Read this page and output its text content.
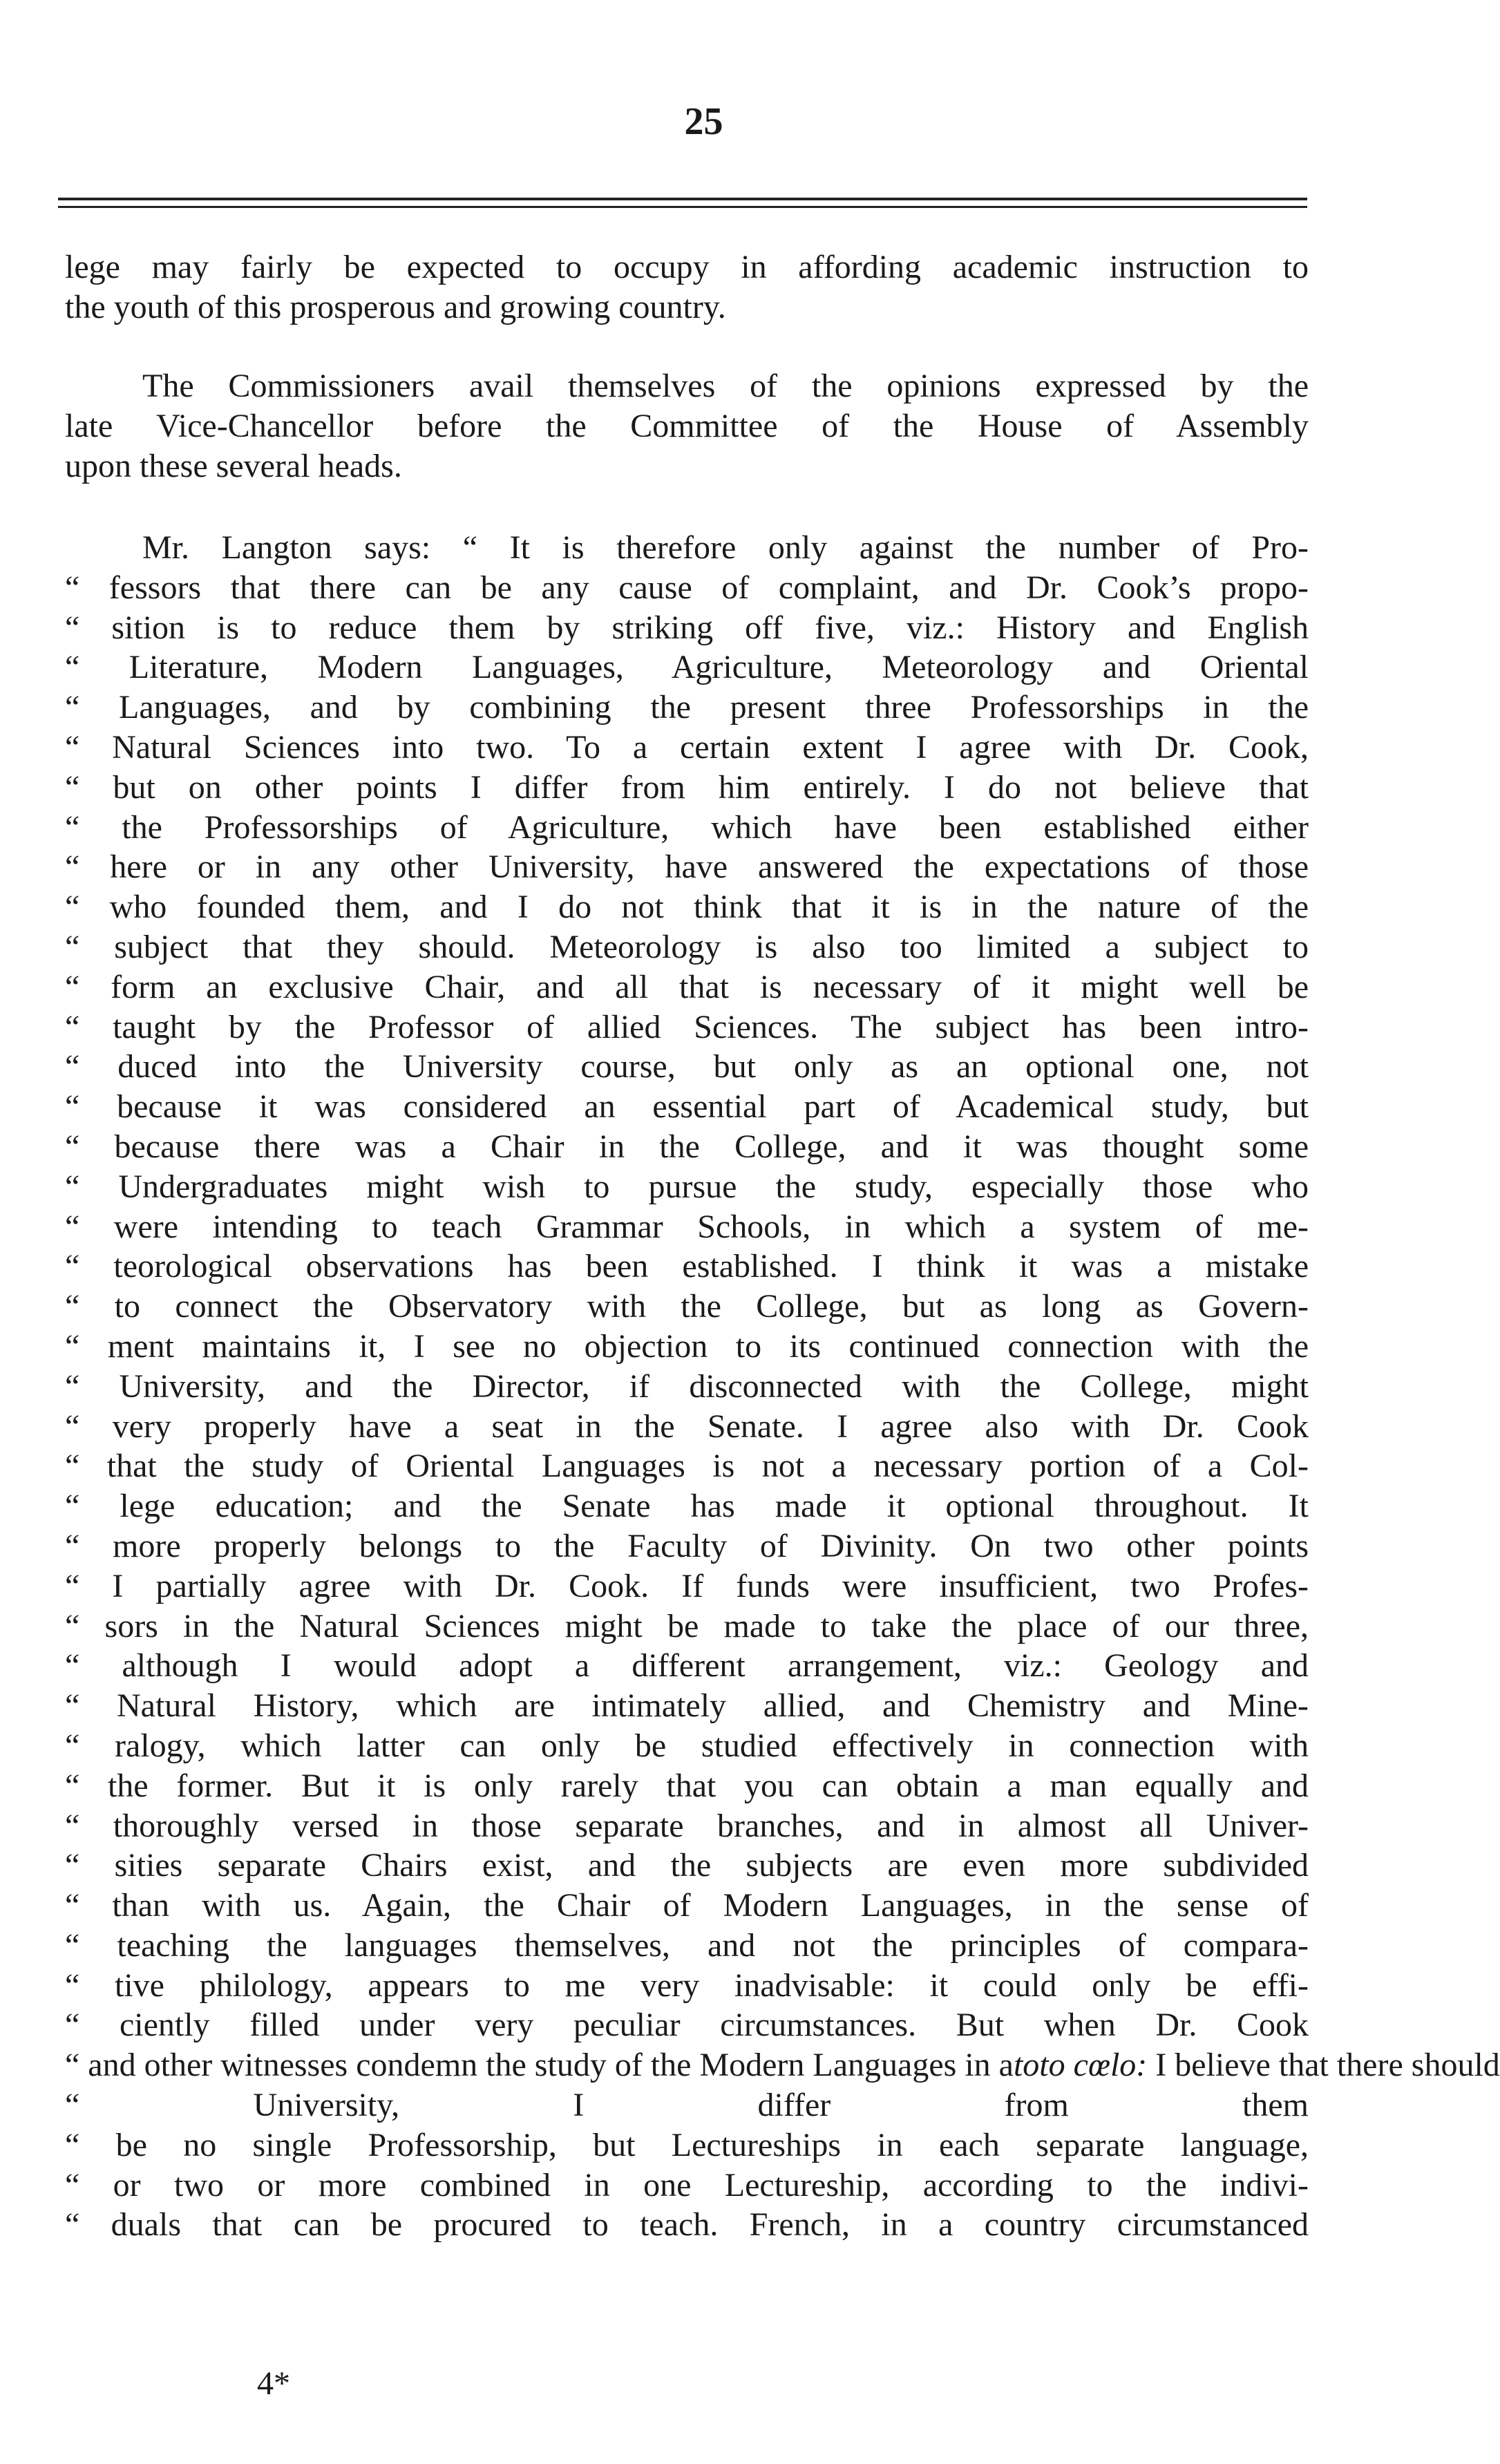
25
lege may fairly be expected to occupy in affording academic instruction to
the youth of this prosperous and growing country.
The Commissioners avail themselves of the opinions expressed by the
late Vice-Chancellor before the Committee of the House of Assembly
upon these several heads.
Mr. Langton says: “ It is therefore only against the number of Pro-
“ fessors that there can be any cause of complaint, and Dr. Cook’s propo-
“ sition is to reduce them by striking off five, viz.: History and English
“ Literature, Modern Languages, Agriculture, Meteorology and Oriental
“ Languages, and by combining the present three Professorships in the
“ Natural Sciences into two. To a certain extent I agree with Dr. Cook,
“ but on other points I differ from him entirely. I do not believe that
“ the Professorships of Agriculture, which have been established either
“ here or in any other University, have answered the expectations of those
“ who founded them, and I do not think that it is in the nature of the
“ subject that they should. Meteorology is also too limited a subject to
“ form an exclusive Chair, and all that is necessary of it might well be
“ taught by the Professor of allied Sciences. The subject has been intro-
“ duced into the University course, but only as an optional one, not
“ because it was considered an essential part of Academical study, but
“ because there was a Chair in the College, and it was thought some
“ Undergraduates might wish to pursue the study, especially those who
“ were intending to teach Grammar Schools, in which a system of me-
“ teorological observations has been established. I think it was a mistake
“ to connect the Observatory with the College, but as long as Govern-
“ ment maintains it, I see no objection to its continued connection with the
“ University, and the Director, if disconnected with the College, might
“ very properly have a seat in the Senate. I agree also with Dr. Cook
“ that the study of Oriental Languages is not a necessary portion of a Col-
“ lege education; and the Senate has made it optional throughout. It
“ more properly belongs to the Faculty of Divinity. On two other points
“ I partially agree with Dr. Cook. If funds were insufficient, two Profes-
“ sors in the Natural Sciences might be made to take the place of our three,
“ although I would adopt a different arrangement, viz.: Geology and
“ Natural History, which are intimately allied, and Chemistry and Mine-
“ ralogy, which latter can only be studied effectively in connection with
“ the former. But it is only rarely that you can obtain a man equally and
“ thoroughly versed in those separate branches, and in almost all Univer-
“ sities separate Chairs exist, and the subjects are even more subdivided
“ than with us. Again, the Chair of Modern Languages, in the sense of
“ teaching the languages themselves, and not the principles of compara-
“ tive philology, appears to me very inadvisable: it could only be effi-
“ ciently filled under very peculiar circumstances. But when Dr. Cook
“ and other witnesses condemn the study of the Modern Languages in atoto cœlo: I believe that there should
“ University, I differ from them
“ be no single Professorship, but Lectureships in each separate language,
“ or two or more combined in one Lectureship, according to the indivi-
“ duals that can be procured to teach. French, in a country circumstanced
4*
